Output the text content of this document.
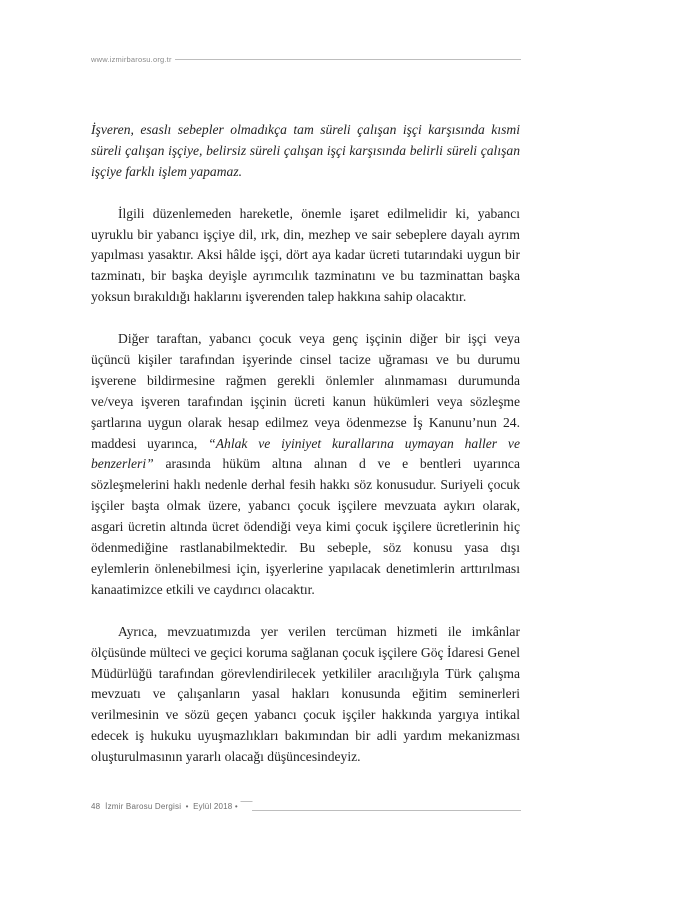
www.izmirbarosu.org.tr

İşveren, esaslı sebepler olmadıkça tam süreli çalışan işçi karşısında kısmi süreli çalışan işçiye, belirsiz süreli çalışan işçi karşısında belirli süreli çalışan işçiye farklı işlem yapamaz.

İlgili düzenlemeden hareketle, önemle işaret edilmelidir ki, yabancı uyruklu bir yabancı işçiye dil, ırk, din, mezhep ve sair sebeplere dayalı ayrım yapılması yasaktır. Aksi hâlde işçi, dört aya kadar ücreti tutarındaki uygun bir tazminatı, bir başka deyişle ayrımcılık tazminatını ve bu tazminattan başka yoksun bırakıldığı haklarını işverenden talep hakkına sahip olacaktır.

Diğer taraftan, yabancı çocuk veya genç işçinin diğer bir işçi veya üçüncü kişiler tarafından işyerinde cinsel tacize uğraması ve bu durumu işverene bildirmesine rağmen gerekli önlemler alınmaması durumunda ve/veya işveren tarafından işçinin ücreti kanun hükümleri veya sözleşme şartlarına uygun olarak hesap edilmez veya ödenmezse İş Kanunu’nun 24. maddesi uyarınca, “Ahlak ve iyiniyet kurallarına uymayan haller ve benzerleri” arasında hüküm altına alınan d ve e bentleri uyarınca sözleşmelerini haklı nedenle derhal fesih hakkı söz konusudur. Suriyeli çocuk işçiler başta olmak üzere, yabancı çocuk işçilere mevzuata aykırı olarak, asgari ücretin altında ücret ödendiği veya kimi çocuk işçilere ücretlerinin hiç ödenmediğine rastlanabilmektedir. Bu sebeple, söz konusu yasa dışı eylemlerin önlenebilmesi için, işyerlerine yapılacak denetimlerin arttırılması kanaatimizce etkili ve caydırıcı olacaktır.

Ayrıca, mevzuatımızda yer verilen tercüman hizmeti ile imkânlar ölçüsünde mülteci ve geçici koruma sağlanan çocuk işçilere Göç İdaresi Genel Müdürlüğü tarafından görevlendirilecek yetkililer aracılığıyla Türk çalışma mevzuatı ve çalışanların yasal hakları konusunda eğitim seminerleri verilmesinin ve sözü geçen yabancı çocuk işçiler hakkında yargıya intikal edecek iş hukuku uyuşmazlıkları bakımından bir adli yardım mekanizması oluşturulmasının yararlı olacağı düşüncesindeyiz.

48 İzmir Barosu Dergisi • Eylül 2018 •
